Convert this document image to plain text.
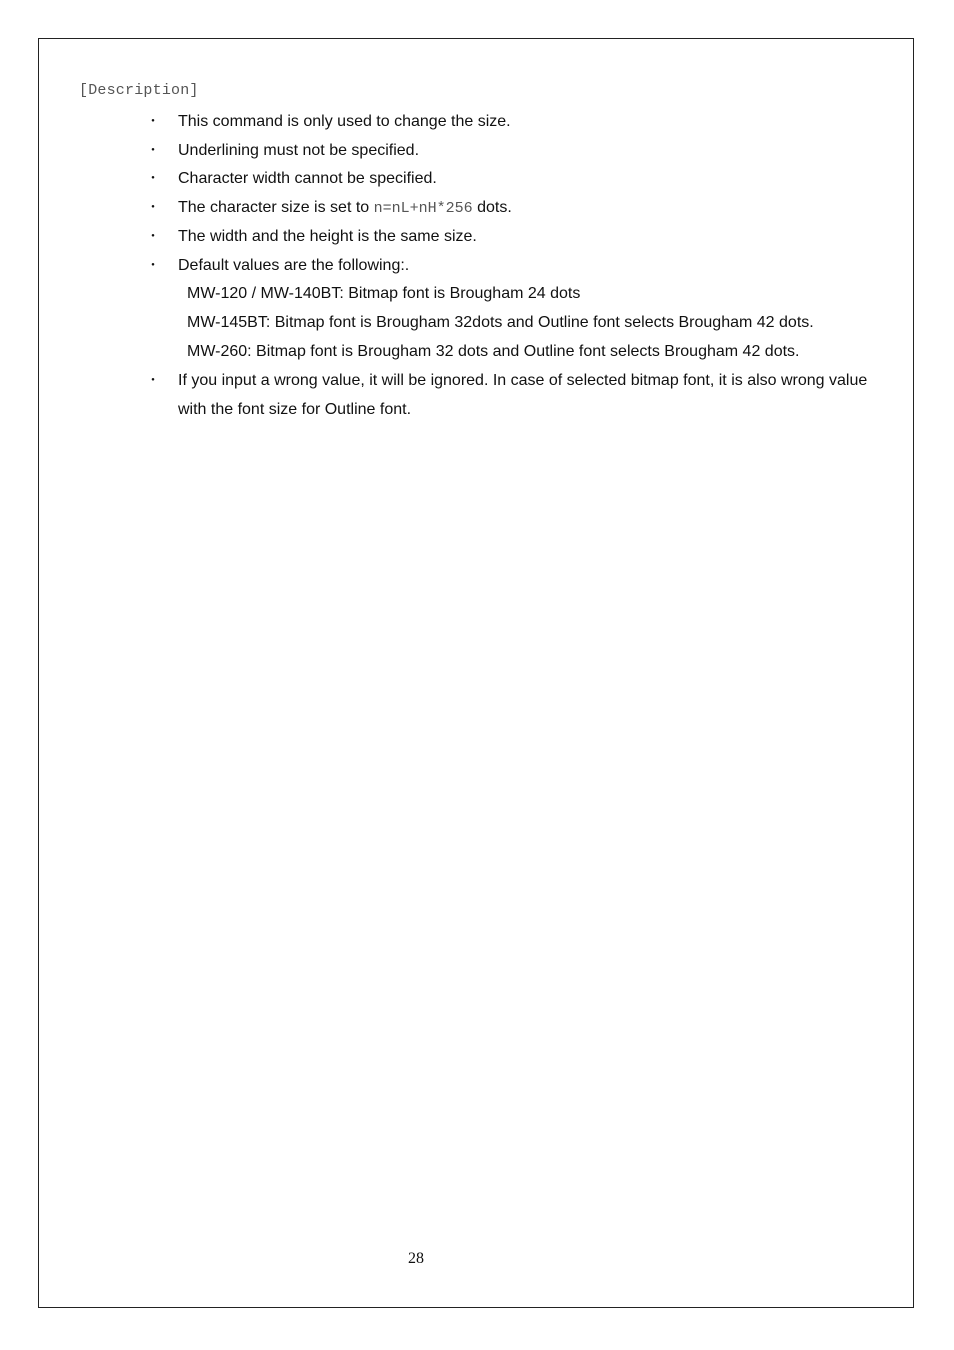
[Description]
・ This command is only used to change the size.
・ Underlining must not be specified.
・ Character width cannot be specified.
・ The character size is set to n=nL+nH*256 dots.
・ The width and the height is the same size.
・ Default values are the following:.
MW-120 / MW-140BT: Bitmap font is Brougham 24 dots
MW-145BT: Bitmap font is Brougham 32dots and Outline font selects Brougham 42 dots.
MW-260: Bitmap font is Brougham 32 dots and Outline font selects Brougham 42 dots.
・ If you input a wrong value, it will be ignored. In case of selected bitmap font, it is also wrong value with the font size for Outline font.
28
